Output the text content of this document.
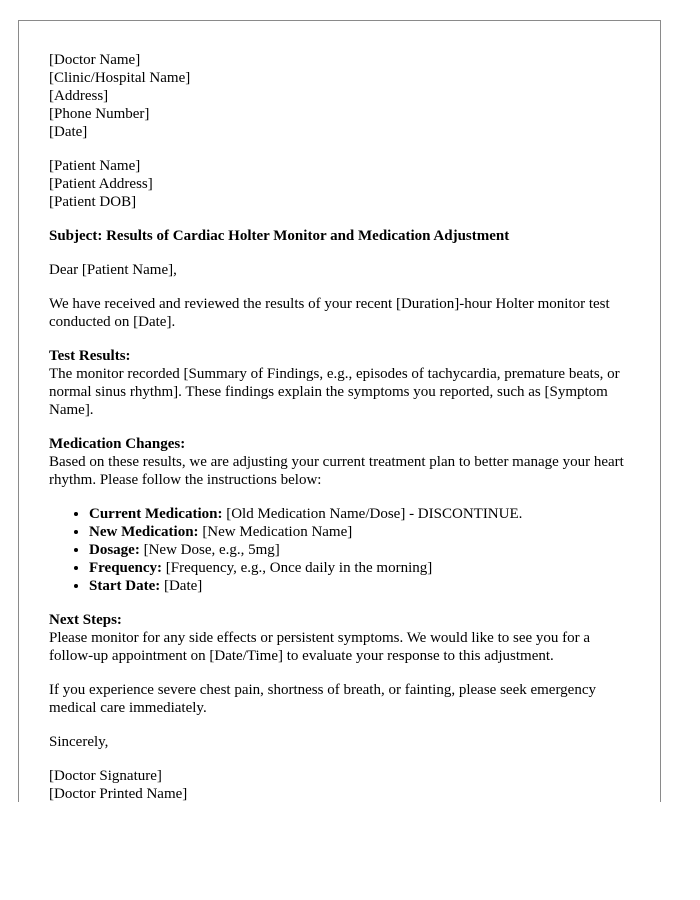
[Doctor Name]
[Clinic/Hospital Name]
[Address]
[Phone Number]
[Date]
[Patient Name]
[Patient Address]
[Patient DOB]
Subject: Results of Cardiac Holter Monitor and Medication Adjustment
Dear [Patient Name],
We have received and reviewed the results of your recent [Duration]-hour Holter monitor test conducted on [Date].
Test Results:
The monitor recorded [Summary of Findings, e.g., episodes of tachycardia, premature beats, or normal sinus rhythm]. These findings explain the symptoms you reported, such as [Symptom Name].
Medication Changes:
Based on these results, we are adjusting your current treatment plan to better manage your heart rhythm. Please follow the instructions below:
• Current Medication: [Old Medication Name/Dose] - DISCONTINUE.
• New Medication: [New Medication Name]
• Dosage: [New Dose, e.g., 5mg]
• Frequency: [Frequency, e.g., Once daily in the morning]
• Start Date: [Date]
Next Steps:
Please monitor for any side effects or persistent symptoms. We would like to see you for a follow-up appointment on [Date/Time] to evaluate your response to this adjustment.
If you experience severe chest pain, shortness of breath, or fainting, please seek emergency medical care immediately.
Sincerely,
[Doctor Signature]
[Doctor Printed Name]
